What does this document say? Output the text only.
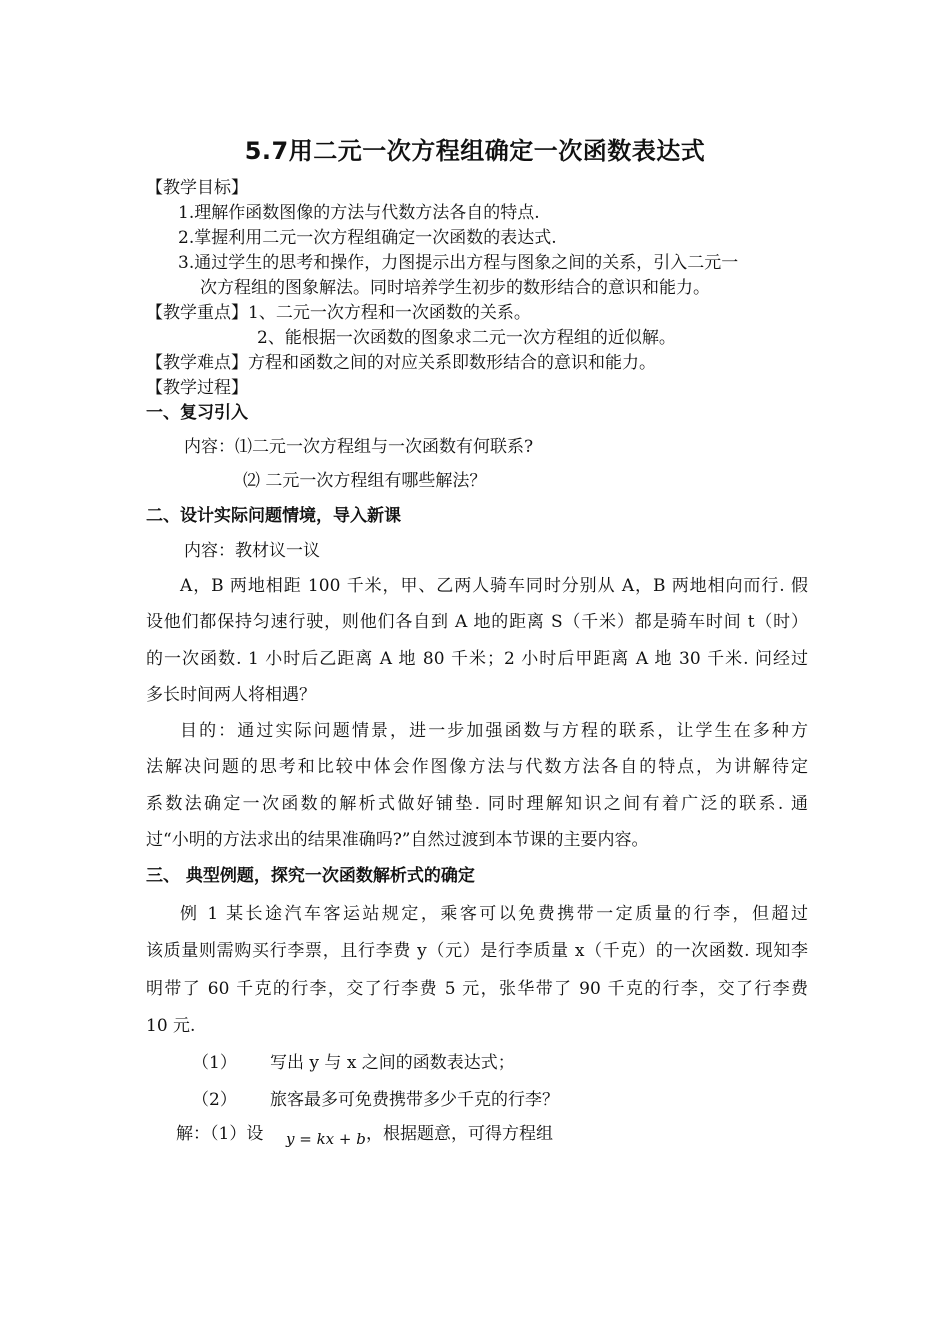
5.7用二元一次方程组确定一次函数表达式
【教学目标】
1.理解作函数图像的方法与代数方法各自的特点.
2.掌握利用二元一次方程组确定一次函数的表达式.
3.通过学生的思考和操作，力图提示出方程与图象之间的关系，引入二元一
次方程组的图象解法。同时培养学生初步的数形结合的意识和能力。
【教学重点】1、二元一次方程和一次函数的关系。
2、能根据一次函数的图象求二元一次方程组的近似解。
【教学难点】方程和函数之间的对应关系即数形结合的意识和能力。
【教学过程】
一、复习引入
内容：⑴二元一次方程组与一次函数有何联系?
⑵ 二元一次方程组有哪些解法？
二、设计实际问题情境，导入新课
内容：教材议一议
A，B 两地相距 100 千米，甲、乙两人骑车同时分别从 A，B 两地相向而行. 假
设他们都保持匀速行驶，则他们各自到 A 地的距离 S（千米）都是骑车时间 t（时）
的一次函数. 1 小时后乙距离 A 地 80 千米；2 小时后甲距离 A 地 30 千米. 问经过
多长时间两人将相遇？
目的：通过实际问题情景，进一步加强函数与方程的联系，让学生在多种方
法解决问题的思考和比较中体会作图像方法与代数方法各自的特点，为讲解待定
系数法确定一次函数的解析式做好铺垫. 同时理解知识之间有着广泛的联系. 通
过“小明的方法求出的结果准确吗?”自然过渡到本节课的主要内容。
三、 典型例题，探究一次函数解析式的确定
例 1 某长途汽车客运站规定，乘客可以免费携带一定质量的行李，但超过
该质量则需购买行李票，且行李费 y（元）是行李质量 x（千克）的一次函数. 现知李
明带了 60 千克的行李，交了行李费 5 元，张华带了 90 千克的行李，交了行李费
10 元.
（1） 写出 y 与 x 之间的函数表达式；
（2） 旅客最多可免费携带多少千克的行李？
解：（1）设 y = kx + b ，根据题意，可得方程组
